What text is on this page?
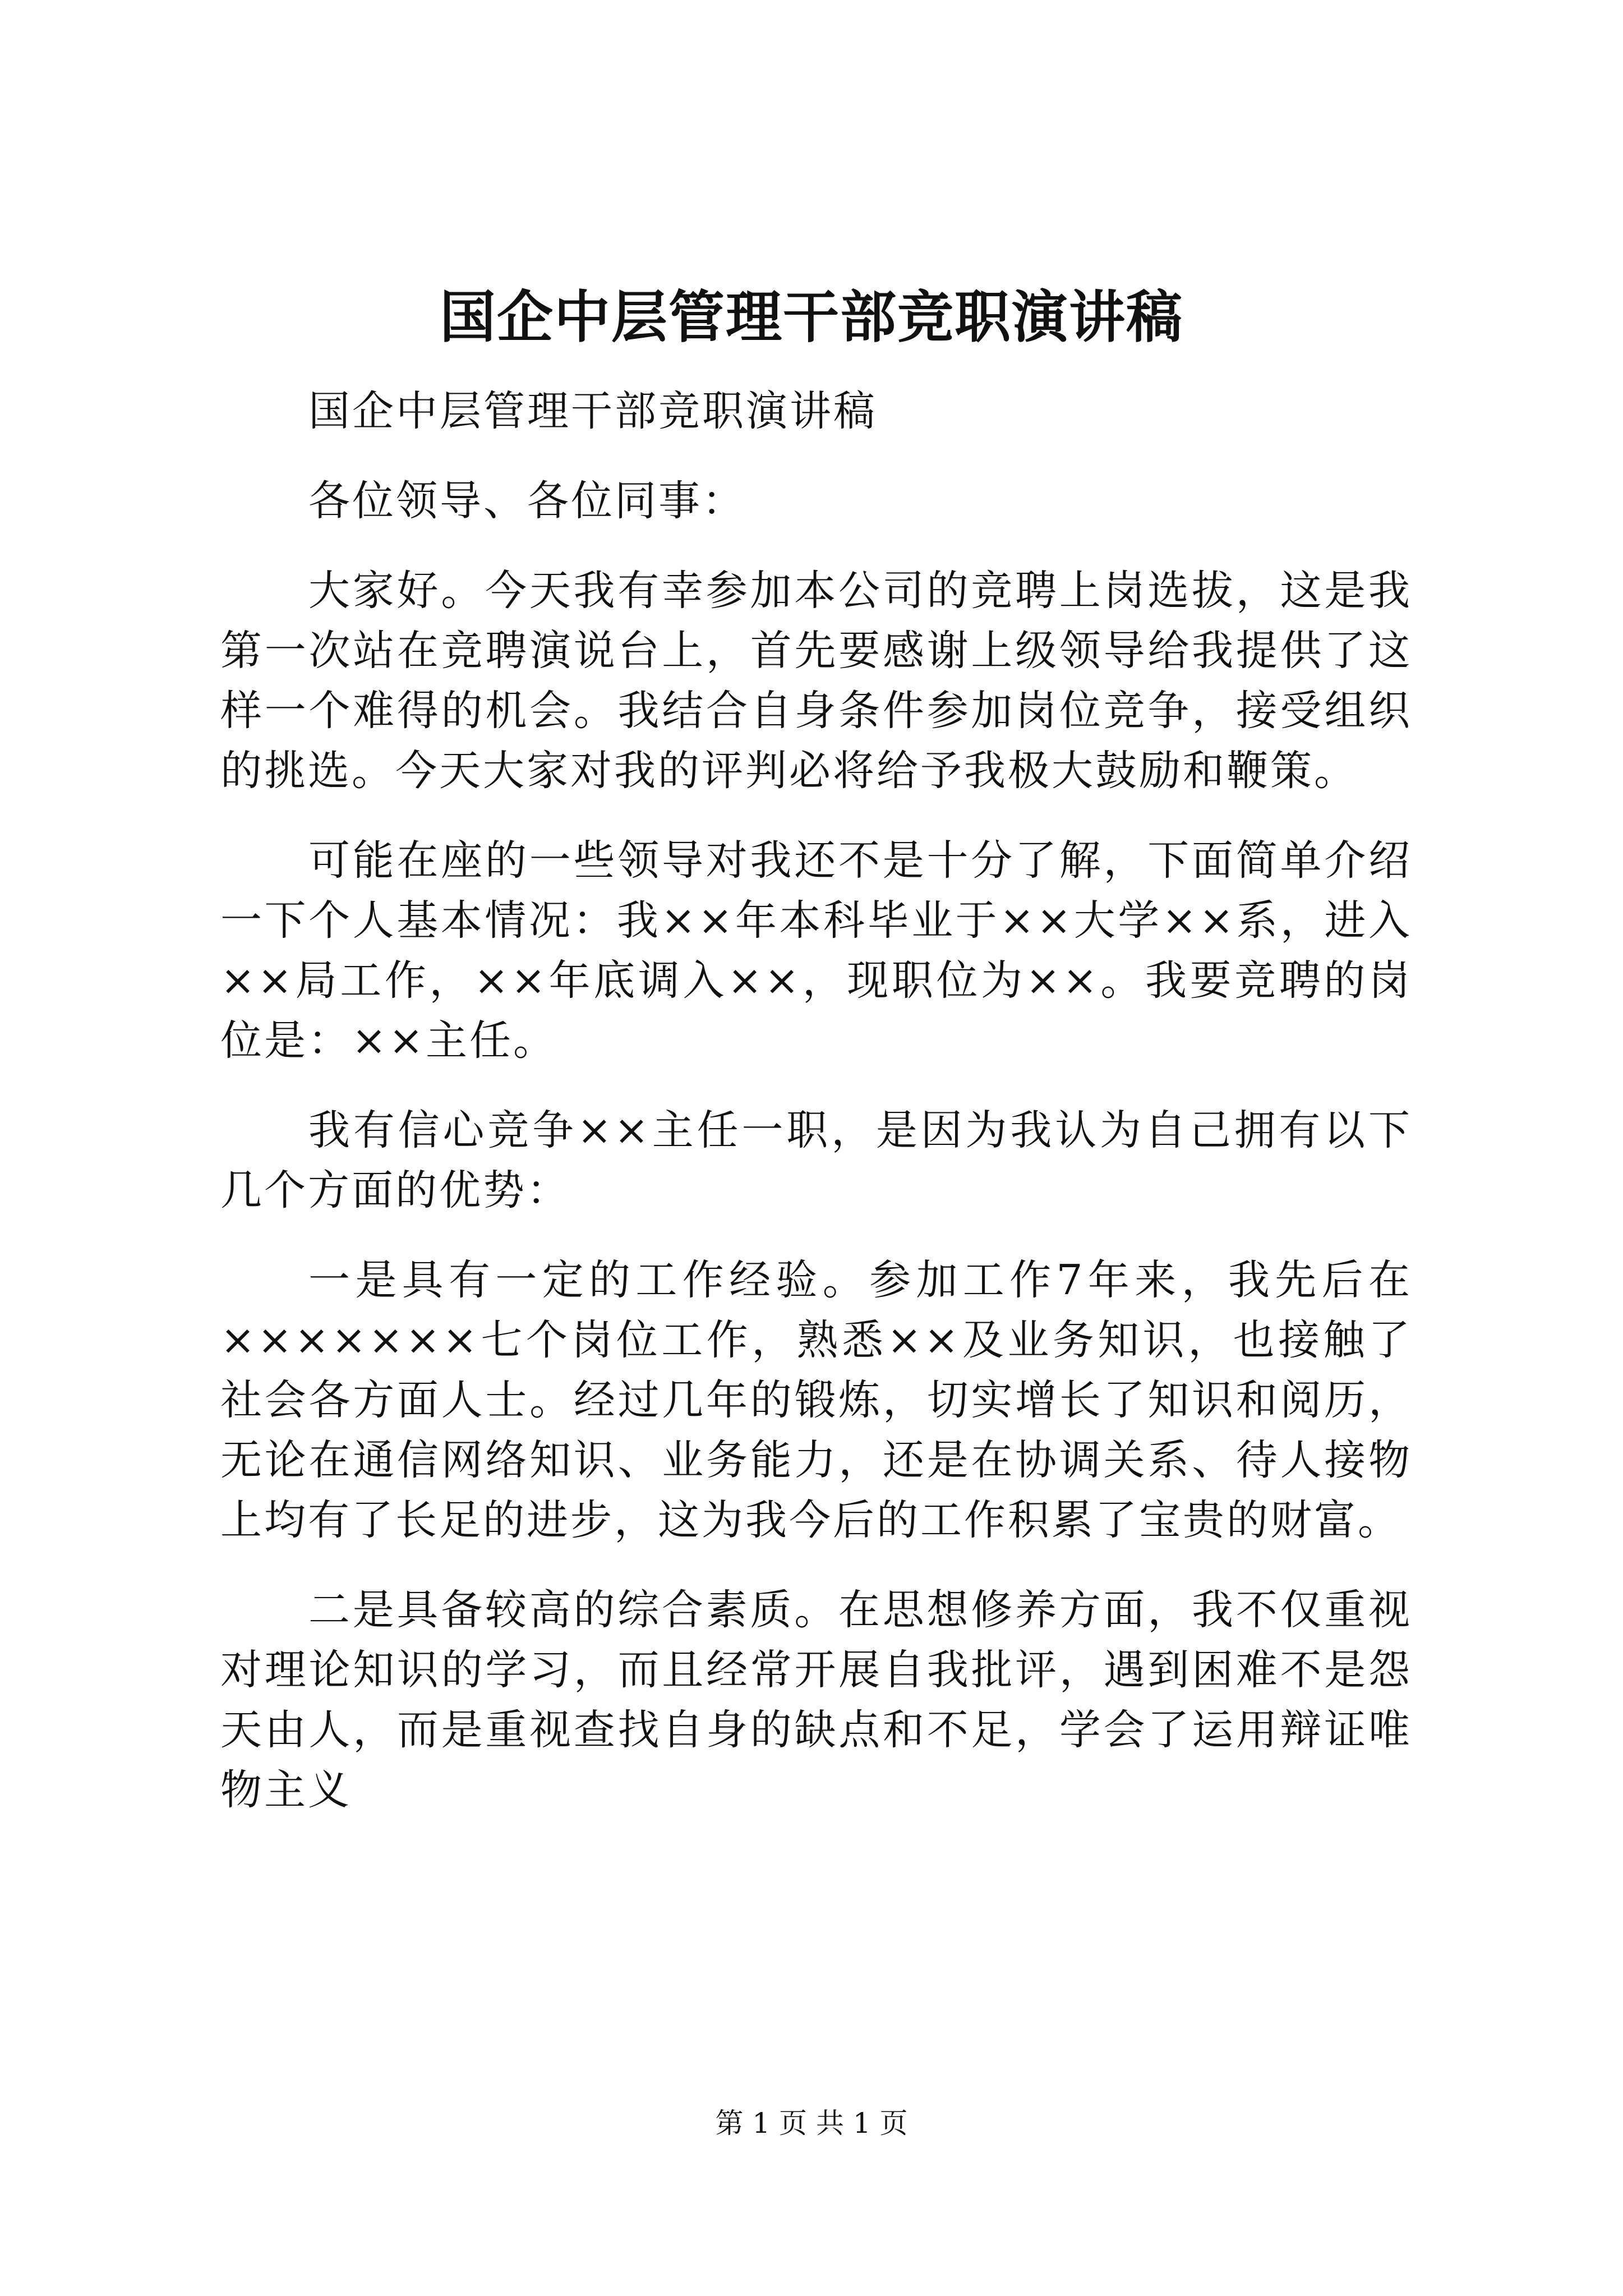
国企中层管理干部竞职演讲稿

国企中层管理干部竞职演讲稿

各位领导、各位同事：

大家好。今天我有幸参加本公司的竞聘上岗选拔，这是我第一次站在竞聘演说台上，首先要感谢上级领导给我提供了这样一个难得的机会。我结合自身条件参加岗位竞争，接受组织的挑选。今天大家对我的评判必将给予我极大鼓励和鞭策。

可能在座的一些领导对我还不是十分了解，下面简单介绍一下个人基本情况：我××年本科毕业于××大学××系，进入××局工作，××年底调入××，现职位为××。我要竞聘的岗位是：××主任。

我有信心竞争××主任一职，是因为我认为自己拥有以下几个方面的优势：

一是具有一定的工作经验。参加工作7年来，我先后在×××××××七个岗位工作，熟悉××及业务知识，也接触了社会各方面人士。经过几年的锻炼，切实增长了知识和阅历，无论在通信网络知识、业务能力，还是在协调关系、待人接物上均有了长足的进步，这为我今后的工作积累了宝贵的财富。

二是具备较高的综合素质。在思想修养方面，我不仅重视对理论知识的学习，而且经常开展自我批评，遇到困难不是怨天由人，而是重视查找自身的缺点和不足，学会了运用辩证唯物主义

第 1 页 共 1 页
